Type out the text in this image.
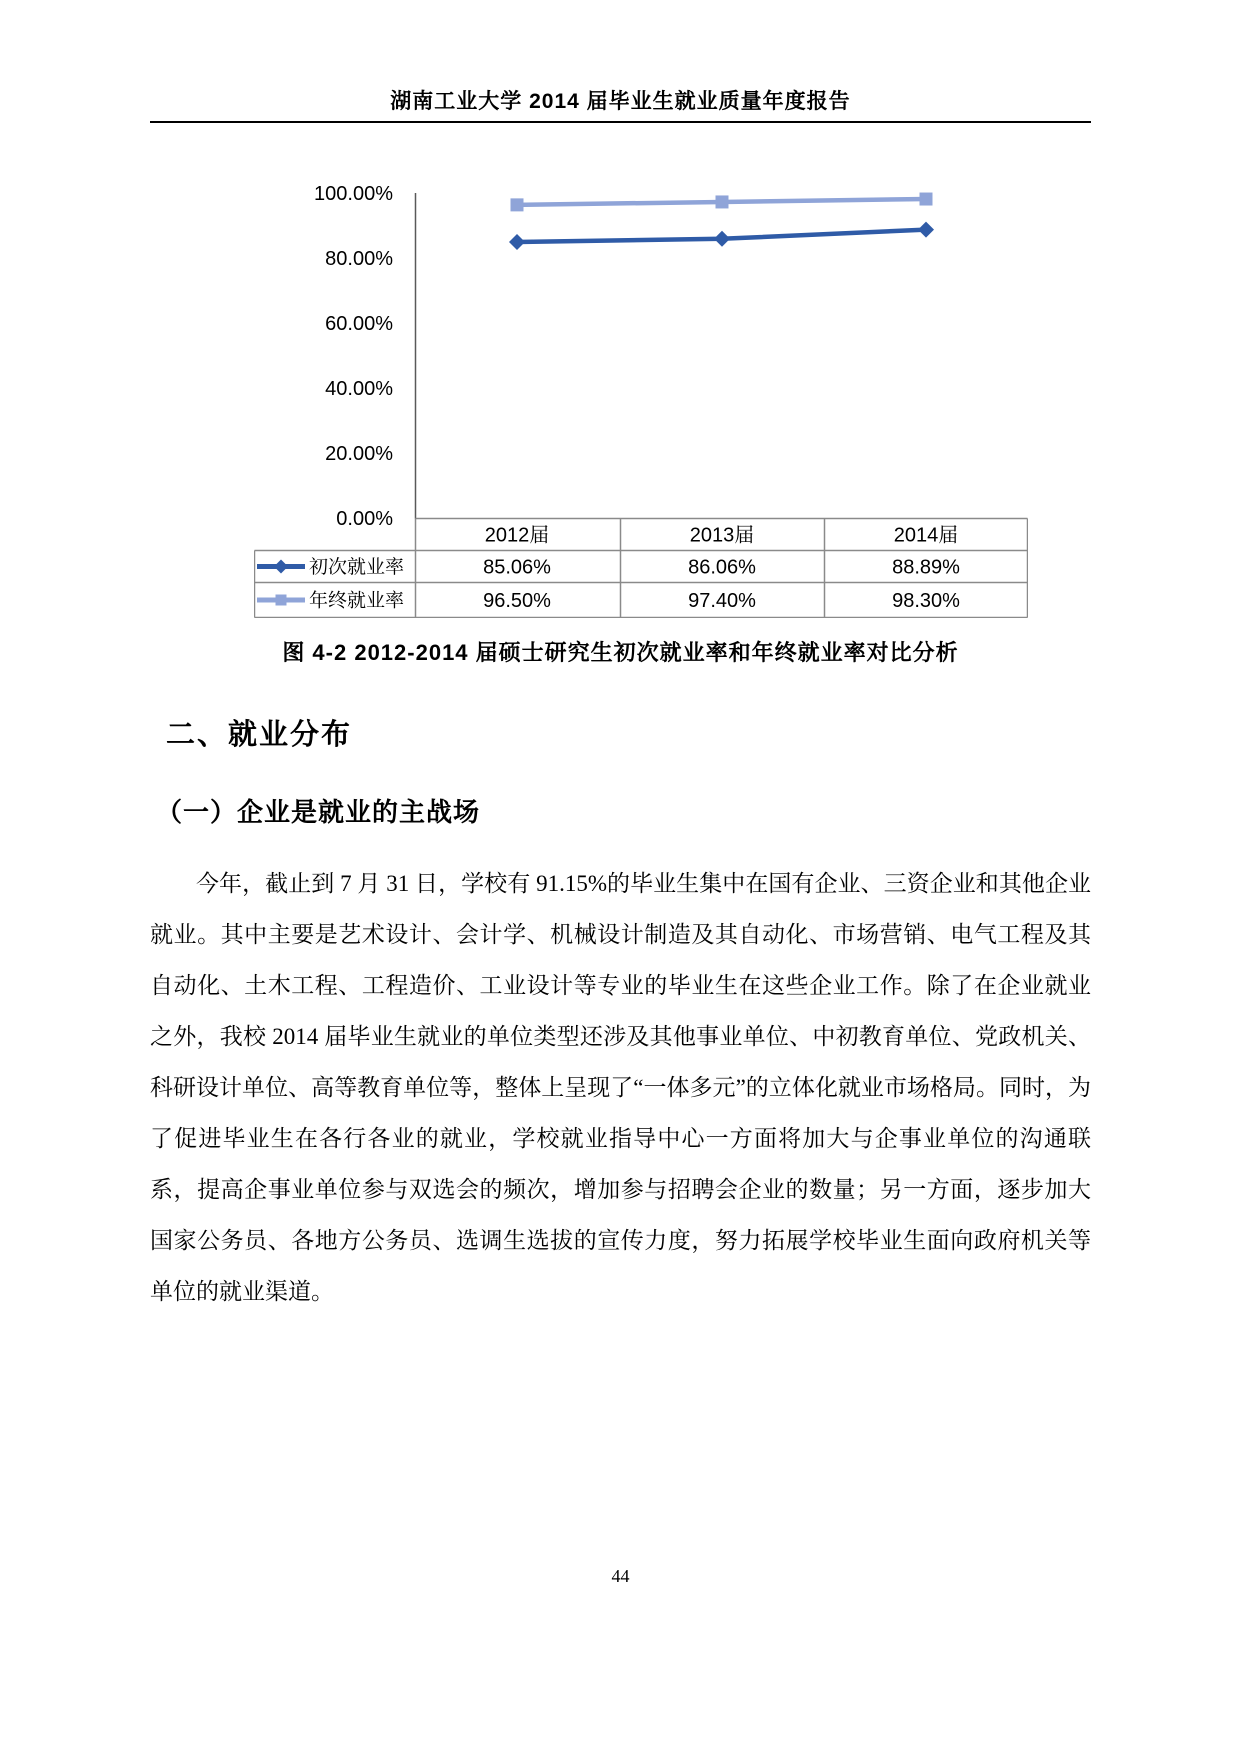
湖南工业大学 2014 届毕业生就业质量年度报告
100.00%
80.00%
60.00%
40.00%
20.00%
0.00%
2012届	2013届	2014届
初次就业率	85.06%	86.06%	88.89%
年终就业率	96.50%	97.40%	98.30%
图 4-2 2012-2014 届硕士研究生初次就业率和年终就业率对比分析
二、就业分布
（一）企业是就业的主战场
今年，截止到 7 月 31 日，学校有 91.15%的毕业生集中在国有企业、三资企业和其他企业就业。其中主要是艺术设计、会计学、机械设计制造及其自动化、市场营销、电气工程及其自动化、土木工程、工程造价、工业设计等专业的毕业生在这些企业工作。除了在企业就业之外，我校 2014 届毕业生就业的单位类型还涉及其他事业单位、中初教育单位、党政机关、科研设计单位、高等教育单位等，整体上呈现了“一体多元”的立体化就业市场格局。同时，为了促进毕业生在各行各业的就业，学校就业指导中心一方面将加大与企事业单位的沟通联系，提高企事业单位参与双选会的频次，增加参与招聘会企业的数量；另一方面，逐步加大国家公务员、各地方公务员、选调生选拔的宣传力度，努力拓展学校毕业生面向政府机关等单位的就业渠道。
44
